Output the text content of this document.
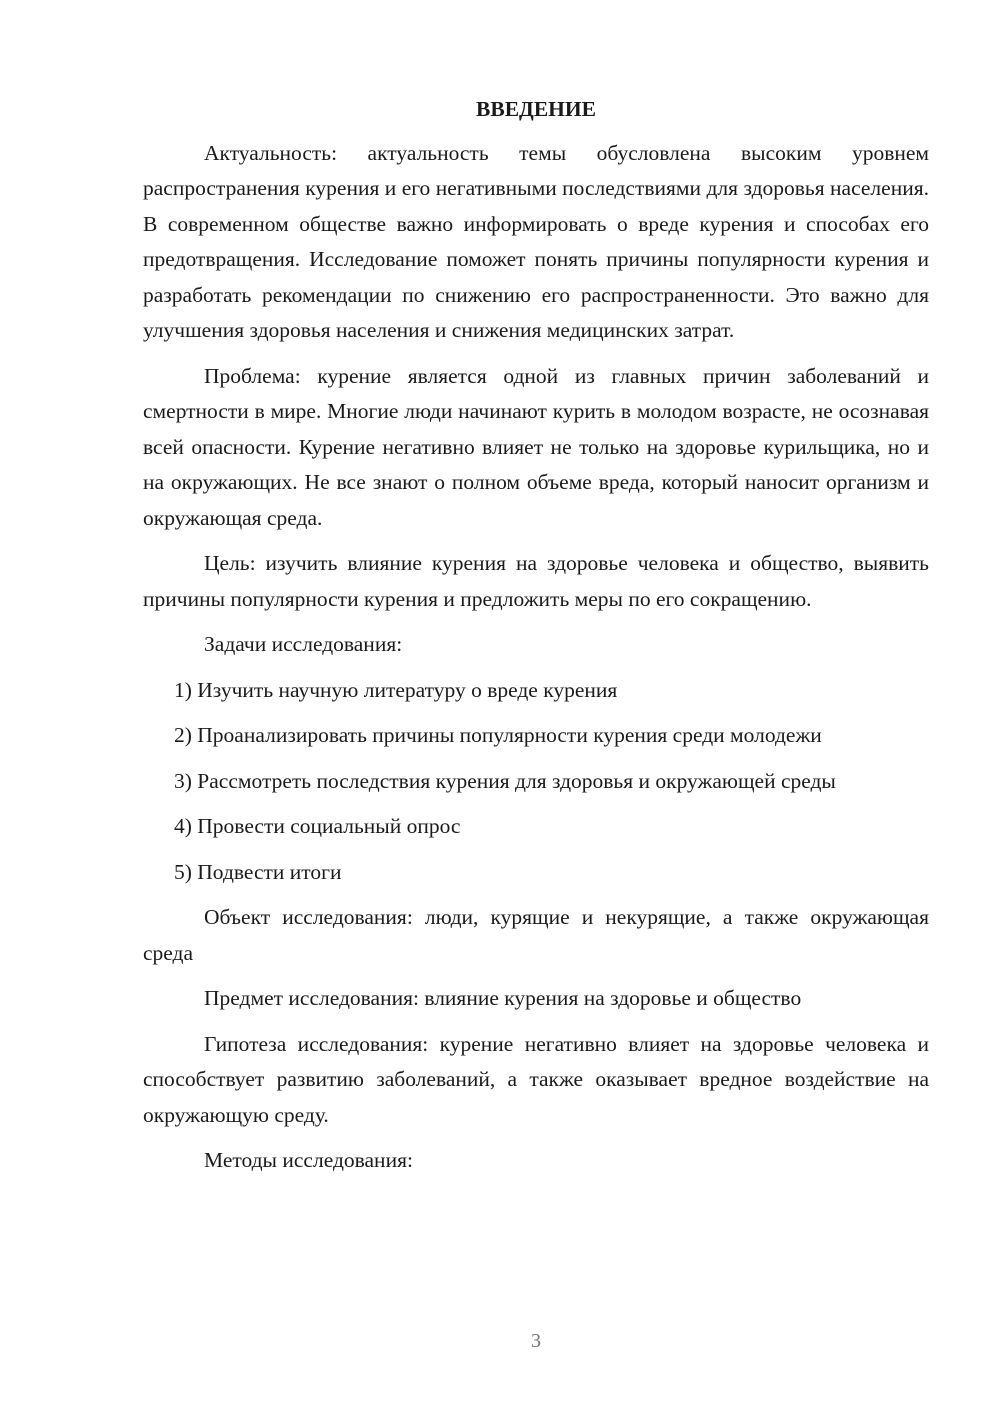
ВВЕДЕНИЕ

Актуальность: актуальность темы обусловлена высоким уровнем распространения курения и его негативными последствиями для здоровья населения. В современном обществе важно информировать о вреде курения и способах его предотвращения. Исследование поможет понять причины популярности курения и разработать рекомендации по снижению его распространенности. Это важно для улучшения здоровья населения и снижения медицинских затрат.

Проблема: курение является одной из главных причин заболеваний и смертности в мире. Многие люди начинают курить в молодом возрасте, не осознавая всей опасности. Курение негативно влияет не только на здоровье курильщика, но и на окружающих. Не все знают о полном объеме вреда, который наносит организм и окружающая среда.

Цель: изучить влияние курения на здоровье человека и общество, выявить причины популярности курения и предложить меры по его сокращению.

Задачи исследования:

1) Изучить научную литературу о вреде курения

2) Проанализировать причины популярности курения среди молодежи

3) Рассмотреть последствия курения для здоровья и окружающей среды

4) Провести социальный опрос

5) Подвести итоги

Объект исследования: люди, курящие и некурящие, а также окружающая среда

Предмет исследования: влияние курения на здоровье и общество

Гипотеза исследования: курение негативно влияет на здоровье человека и способствует развитию заболеваний, а также оказывает вредное воздействие на окружающую среду.

Методы исследования:

3
